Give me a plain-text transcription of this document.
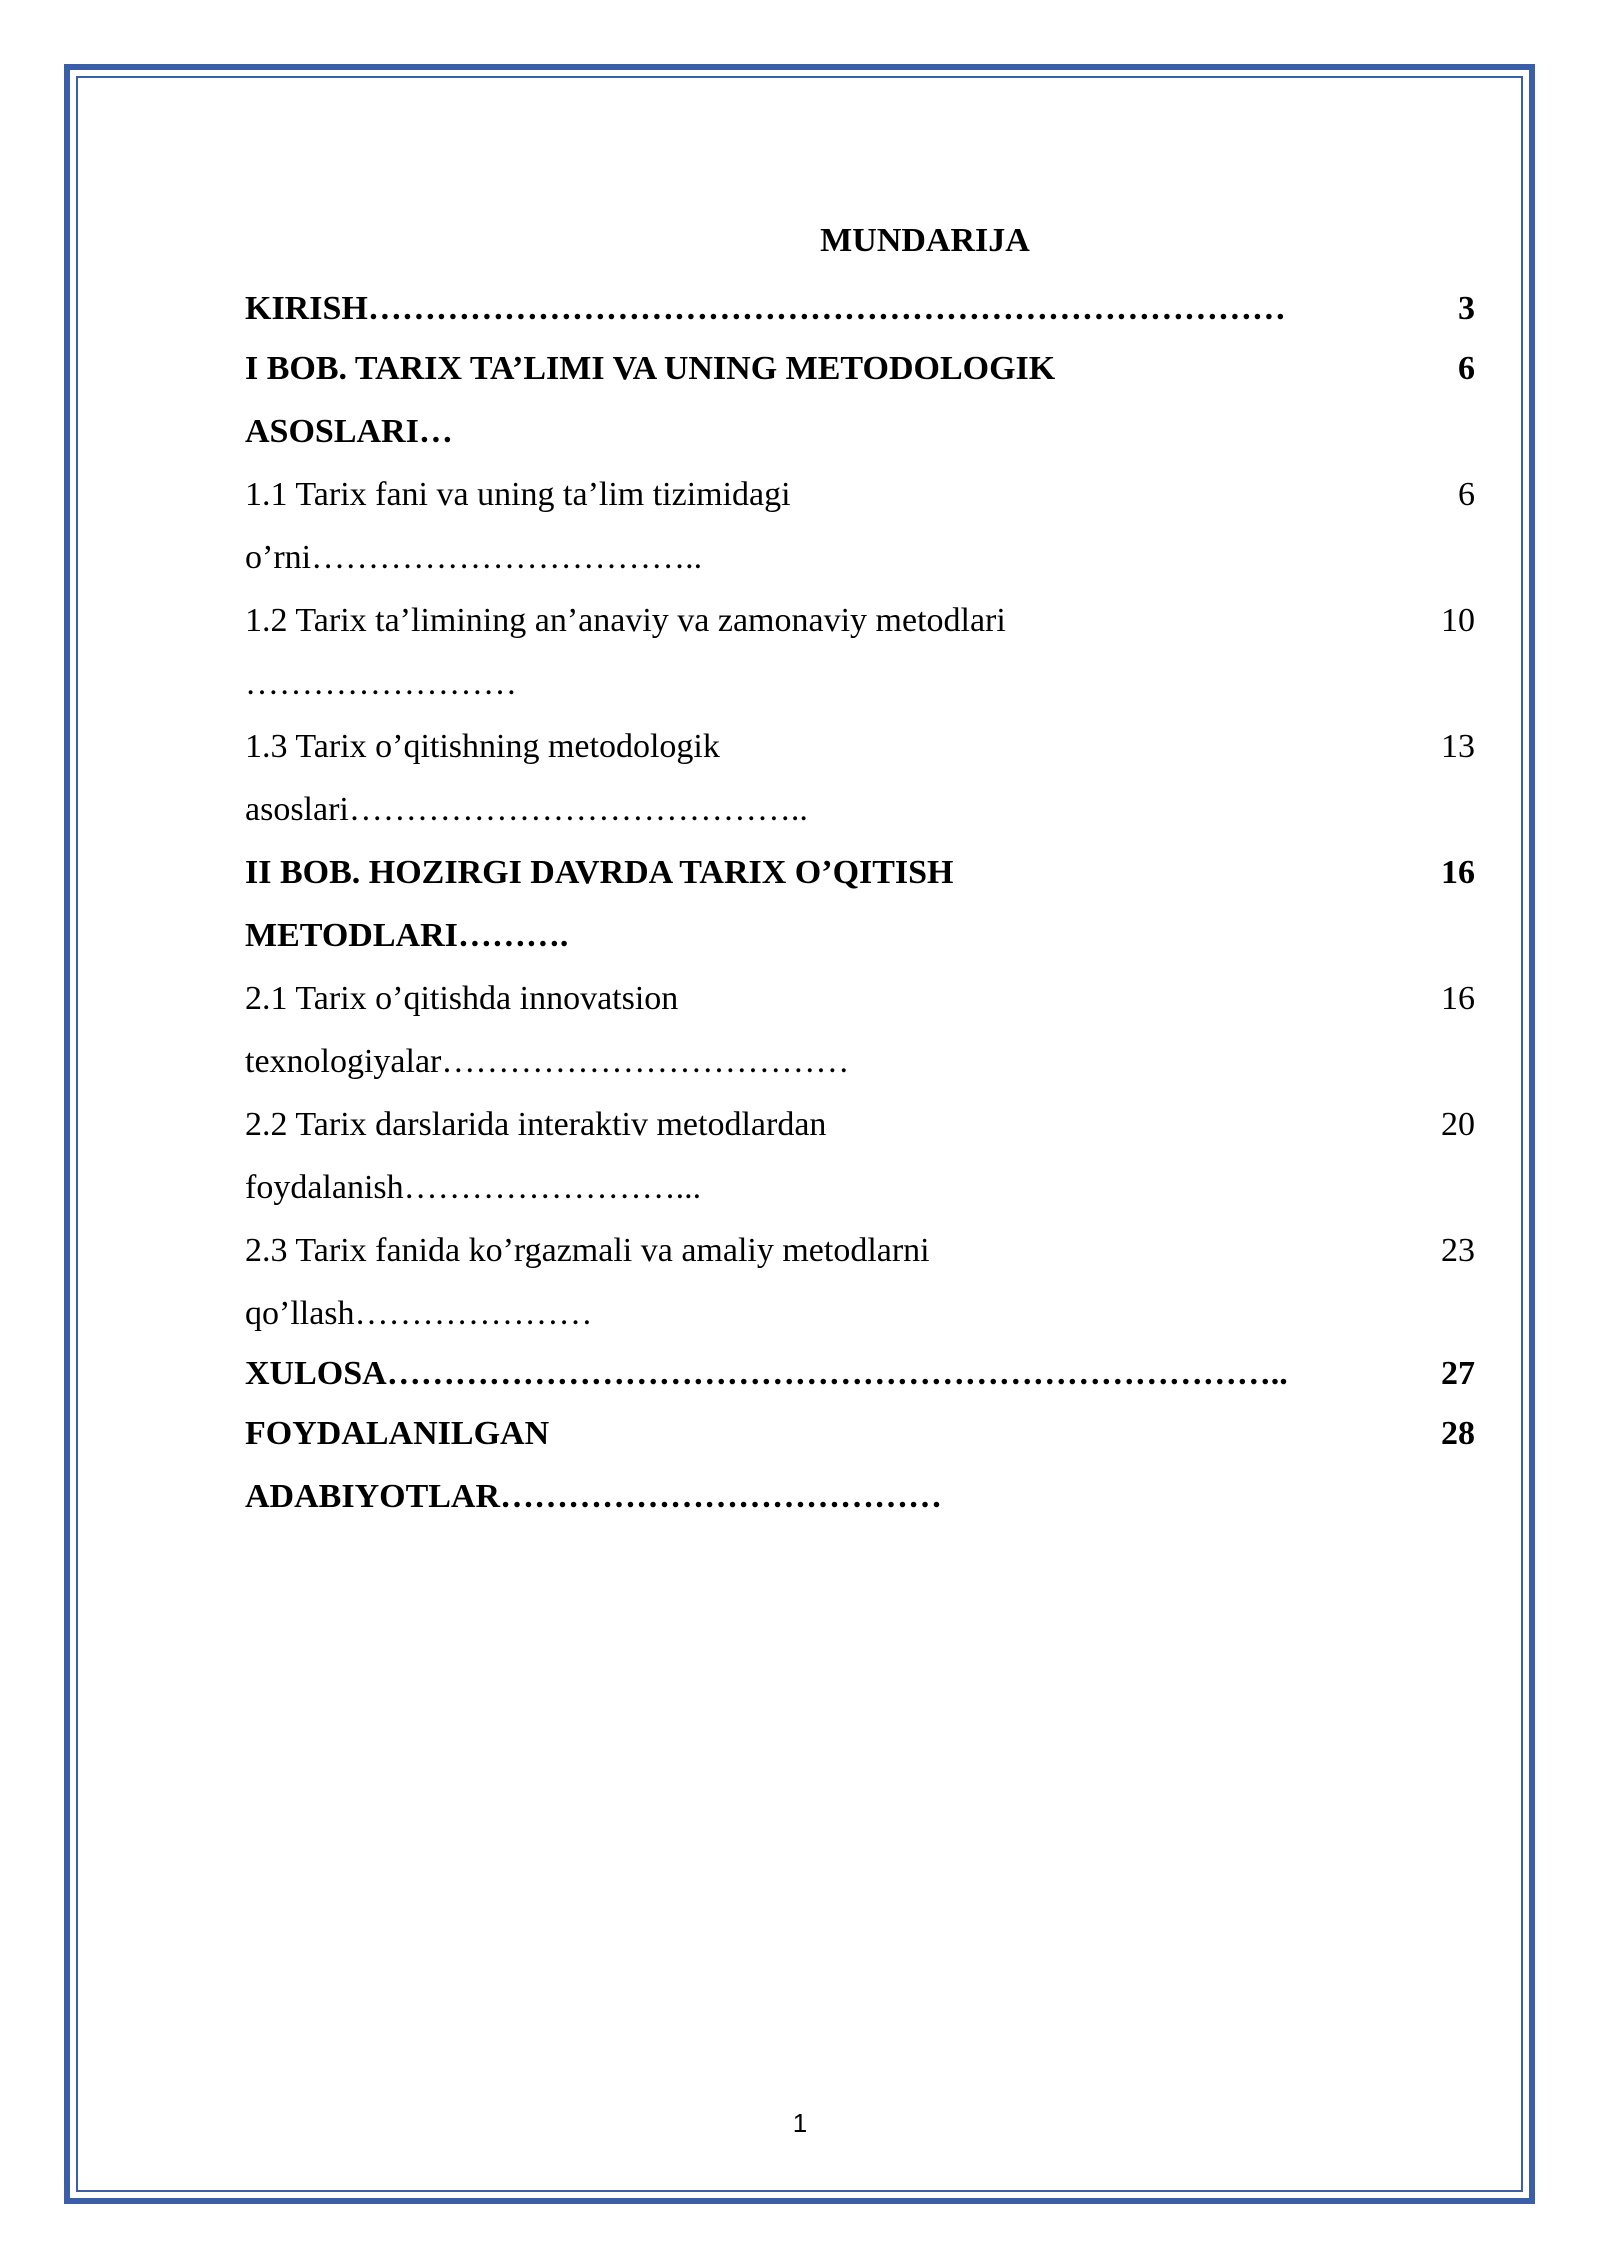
MUNDARIJA
KIRISH………………………………………………………………………	3
I BOB. TARIX TA’LIMI VA UNING METODOLOGIK
ASOSLARI…
6
1.1 Tarix fani va uning ta’lim tizimidagi
o’rni……………………………..
6
1.2 Tarix ta’limining an’anaviy va zamonaviy metodlari
……………………
10
1.3 Tarix o’qitishning metodologik
asoslari…………………………………..
13
II BOB. HOZIRGI DAVRDA TARIX O’QITISH
METODLARI……….
16
2.1 Tarix o’qitishda innovatsion
texnologiyalar………………………………
16
2.2 Tarix darslarida interaktiv metodlardan
foydalanish……………………...
20
2.3 Tarix fanida ko’rgazmali va amaliy metodlarni
qo’llash…………………
23
XULOSA……………………………………………………………………..	27
FOYDALANILGAN
ADABIYOTLAR…………………………………
28
1
